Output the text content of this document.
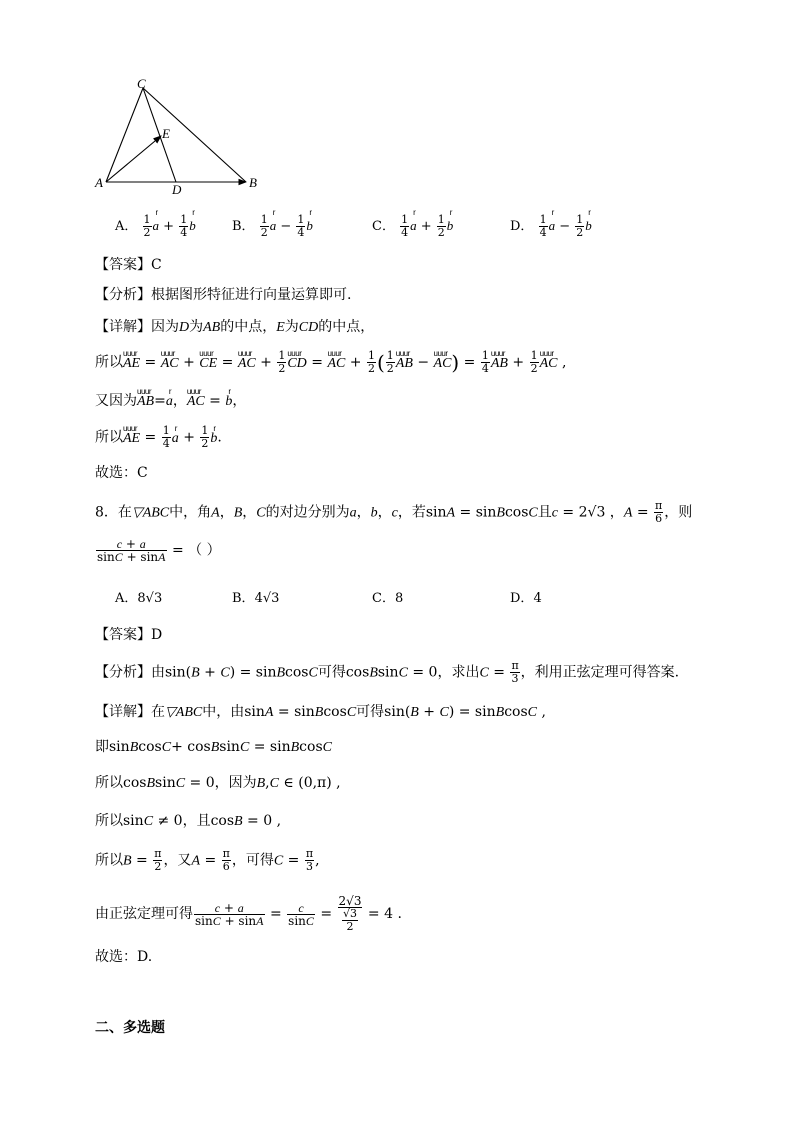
C
E
A	D	B
A． $\frac{1}{2}$ r $a + \frac{1}{4}$ r b	B． $\frac{1}{2}$ r $a - \frac{1}{4}$ r b	C． $\frac{1}{4}$ r $a + \frac{1}{2}$ r b	D． $\frac{1}{4}$ r $a - \frac{1}{2}$ r b
【答案】C
【分析】根据图形特征进行向量运算即可.
【详解】因为D为AB的中点，E为CD的中点，
所以uuur AE = uuur AC + uuur CE = uuur AC + $\frac{1}{2}$ uuur CD = uuur AC + $\frac{1}{2}$ ( $\frac{1}{2}$ uuur AB − uuur $AC) = \frac{1}{4}$ uuur AB + $\frac{1}{2}$ uuur AC ,
又因为uuur AB=r a，uuur AC = r b，
所以uuur AE = $\frac{1}{4}$ r $a + \frac{1}{2}$ r b.
故选：C
8．在▽ABC中，角A，B，C的对边分别为a，b，c，若sinA = sinBcosC且c = 2√3 ，$A = \frac{\pi}{6}$ ，则
$\frac{c + a}{\sin C + \sin A}$ = （ ）
A．8√3	B．4√3	C．8	D．4
【答案】D
【分析】由sin(B + C) = sinBcosC可得cosBsinC = 0，求出$C = \frac{\pi}{3}$ ，利用正弦定理可得答案.
【详解】在▽ABC中，由sinA = sinBcosC可得sin(B + C) = sinBcosC ,
即sinBcosC+ cosBsinC = sinBcosC
所以cosBsinC = 0，因为B,C ∈ (0,π) ,
所以sinC ≠ 0，且cosB = 0 ,
所以$B = \frac{\pi}{2}$ ，又$A = \frac{\pi}{6}$ ，可得$C = \frac{\pi}{3}$ ,
由正弦定理可得 $\frac{c + a}{\sin C + \sin A} = \frac{c}{\sin C} = \frac{2√3}{\frac{√3}{2}} = 4$ .
故选：D.
二、多选题
